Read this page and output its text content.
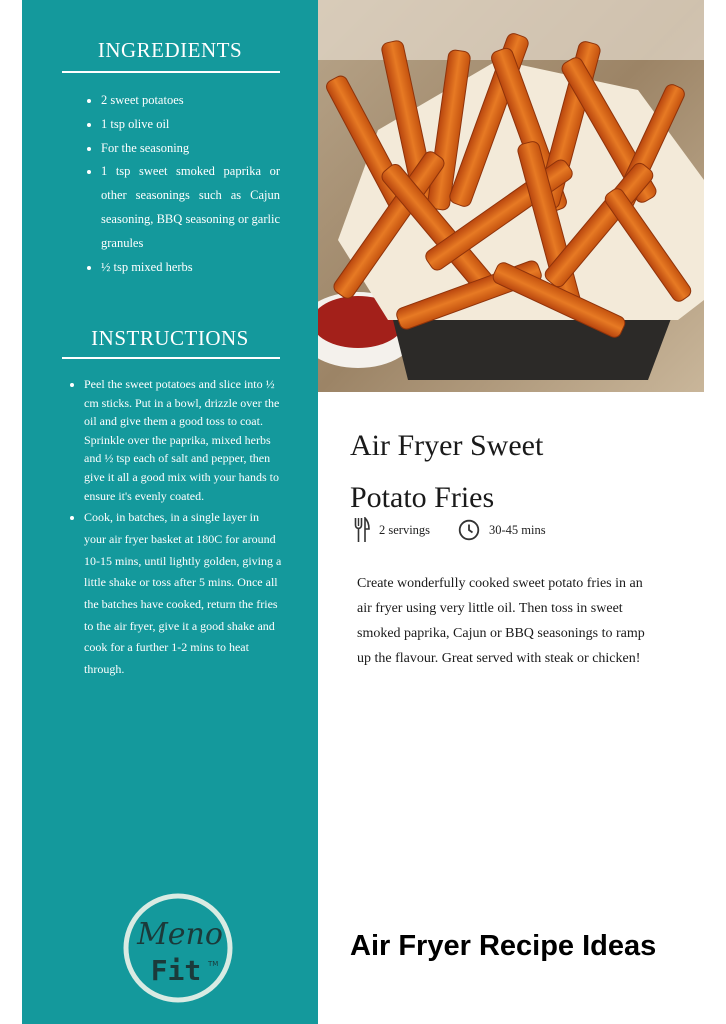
INGREDIENTS
• 2 sweet potatoes
• 1 tsp olive oil
• For the seasoning
• 1 tsp sweet smoked paprika or other seasonings such as Cajun seasoning, BBQ seasoning or garlic granules
• ½ tsp mixed herbs
INSTRUCTIONS
• Peel the sweet potatoes and slice into ½ cm sticks. Put in a bowl, drizzle over the oil and give them a good toss to coat. Sprinkle over the paprika, mixed herbs and ½ tsp each of salt and pepper, then give it all a good mix with your hands to ensure it's evenly coated.
• Cook, in batches, in a single layer in your air fryer basket at 180C for around 10-15 mins, until lightly golden, giving a little shake or toss after 5 mins. Once all the batches have cooked, return the fries to the air fryer, give it a good shake and cook for a further 1-2 mins to heat through.
Meno
Fit TM
Air Fryer Sweet
Potato Fries
2 servings	30-45 mins

Create wonderfully cooked sweet potato fries in an air fryer using very little oil. Then toss in sweet smoked paprika, Cajun or BBQ seasonings to ramp up the flavour. Great served with steak or chicken!

Air Fryer Recipe Ideas
